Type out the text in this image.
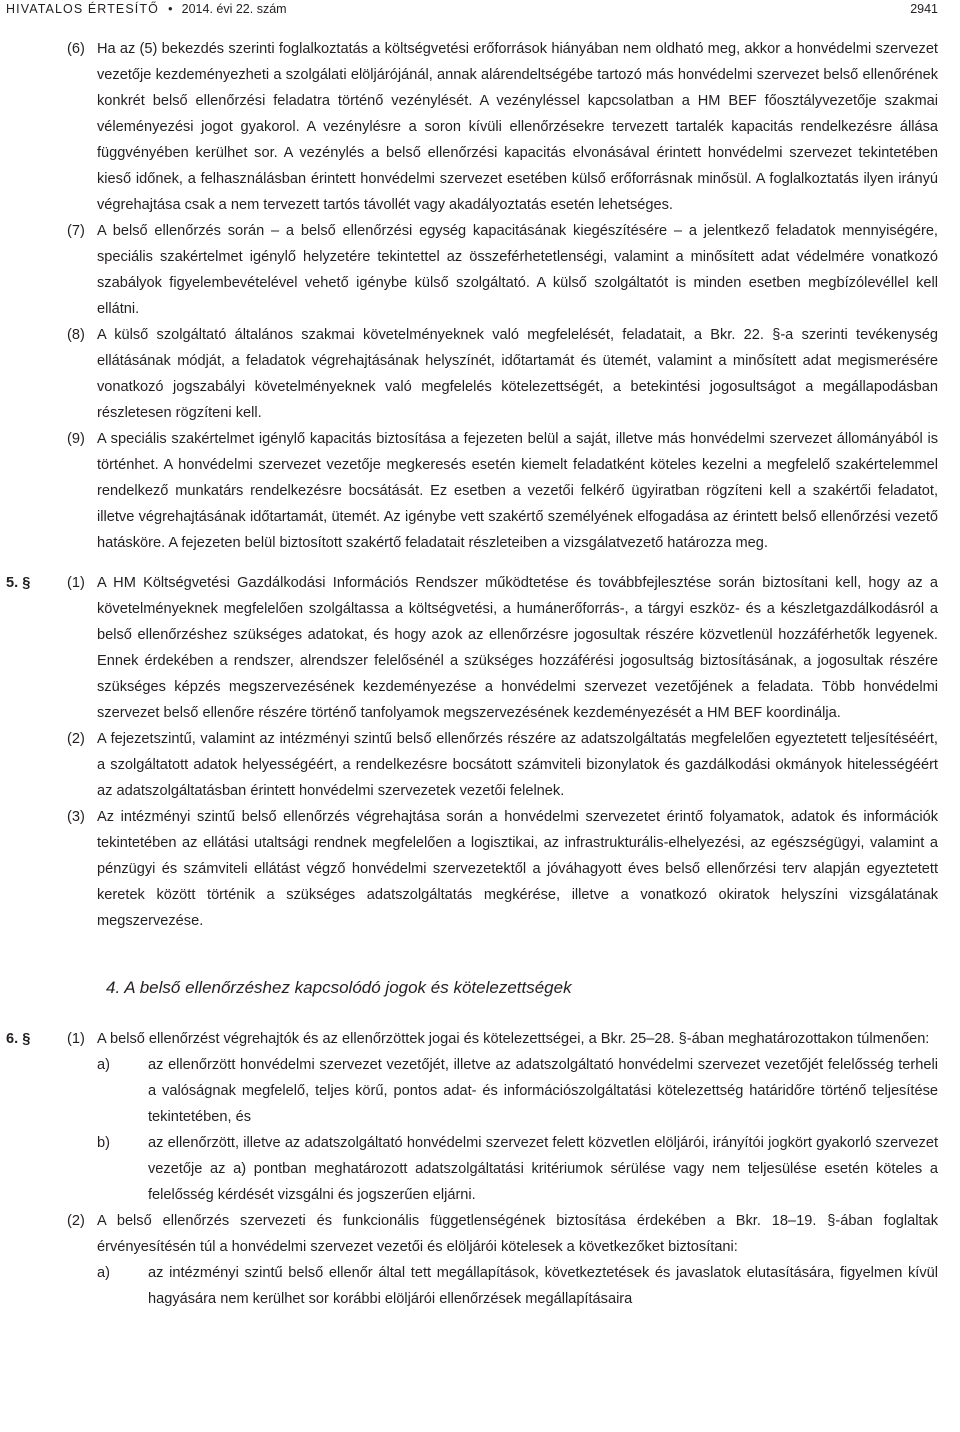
HIVATALOS ÉRTESÍTŐ • 2014. évi 22. szám	2941
(6) Ha az (5) bekezdés szerinti foglalkoztatás a költségvetési erőforrások hiányában nem oldható meg, akkor a honvédelmi szervezet vezetője kezdeményezheti a szolgálati elöljárójánál, annak alárendeltségébe tartozó más honvédelmi szervezet belső ellenőrének konkrét belső ellenőrzési feladatra történő vezénylését. A vezényléssel kapcsolatban a HM BEF főosztályvezetője szakmai véleményezési jogot gyakorol. A vezénylésre a soron kívüli ellenőrzésekre tervezett tartalék kapacitás rendelkezésre állása függvényében kerülhet sor. A vezénylés a belső ellenőrzési kapacitás elvonásával érintett honvédelmi szervezet tekintetében kieső időnek, a felhasználásban érintett honvédelmi szervezet esetében külső erőforrásnak minősül. A foglalkoztatás ilyen irányú végrehajtása csak a nem tervezett tartós távollét vagy akadályoztatás esetén lehetséges.
(7) A belső ellenőrzés során – a belső ellenőrzési egység kapacitásának kiegészítésére – a jelentkező feladatok mennyiségére, speciális szakértelmet igénylő helyzetére tekintettel az összeférhetetlenségi, valamint a minősített adat védelmére vonatkozó szabályok figyelembevételével vehető igénybe külső szolgáltató. A külső szolgáltatót is minden esetben megbízólevéllel kell ellátni.
(8) A külső szolgáltató általános szakmai követelményeknek való megfelelését, feladatait, a Bkr. 22. §-a szerinti tevékenység ellátásának módját, a feladatok végrehajtásának helyszínét, időtartamát és ütemét, valamint a minősített adat megismerésére vonatkozó jogszabályi követelményeknek való megfelelés kötelezettségét, a betekintési jogosultságot a megállapodásban részletesen rögzíteni kell.
(9) A speciális szakértelmet igénylő kapacitás biztosítása a fejezeten belül a saját, illetve más honvédelmi szervezet állományából is történhet. A honvédelmi szervezet vezetője megkeresés esetén kiemelt feladatként köteles kezelni a megfelelő szakértelemmel rendelkező munkatárs rendelkezésre bocsátását. Ez esetben a vezetői felkérő ügyiratban rögzíteni kell a szakértői feladatot, illetve végrehajtásának időtartamát, ütemét. Az igénybe vett szakértő személyének elfogadása az érintett belső ellenőrzési vezető hatásköre. A fejezeten belül biztosított szakértő feladatait részleteiben a vizsgálatvezető határozza meg.
5. §	(1) A HM Költségvetési Gazdálkodási Információs Rendszer működtetése és továbbfejlesztése során biztosítani kell, hogy az a követelményeknek megfelelően szolgáltassa a költségvetési, a humánerőforrás-, a tárgyi eszköz- és a készletgazdálkodásról a belső ellenőrzéshez szükséges adatokat, és hogy azok az ellenőrzésre jogosultak részére közvetlenül hozzáférhetők legyenek. Ennek érdekében a rendszer, alrendszer felelősénél a szükséges hozzáférési jogosultság biztosításának, a jogosultak részére szükséges képzés megszervezésének kezdeményezése a honvédelmi szervezet vezetőjének a feladata. Több honvédelmi szervezet belső ellenőre részére történő tanfolyamok megszervezésének kezdeményezését a HM BEF koordinálja.
(2) A fejezetszintű, valamint az intézményi szintű belső ellenőrzés részére az adatszolgáltatás megfelelően egyeztetett teljesítéséért, a szolgáltatott adatok helyességéért, a rendelkezésre bocsátott számviteli bizonylatok és gazdálkodási okmányok hitelességéért az adatszolgáltatásban érintett honvédelmi szervezetek vezetői felelnek.
(3) Az intézményi szintű belső ellenőrzés végrehajtása során a honvédelmi szervezetet érintő folyamatok, adatok és információk tekintetében az ellátási utaltsági rendnek megfelelően a logisztikai, az infrastrukturális-elhelyezési, az egészségügyi, valamint a pénzügyi és számviteli ellátást végző honvédelmi szervezetektől a jóváhagyott éves belső ellenőrzési terv alapján egyeztetett keretek között történik a szükséges adatszolgáltatás megkérése, illetve a vonatkozó okiratok helyszíni vizsgálatának megszervezése.
4. A belső ellenőrzéshez kapcsolódó jogok és kötelezettségek
6. §	(1) A belső ellenőrzést végrehajtók és az ellenőrzöttek jogai és kötelezettségei, a Bkr. 25–28. §-ában meghatározottakon túlmenően:
a)	az ellenőrzött honvédelmi szervezet vezetőjét, illetve az adatszolgáltató honvédelmi szervezet vezetőjét felelősség terheli a valóságnak megfelelő, teljes körű, pontos adat- és információszolgáltatási kötelezettség határidőre történő teljesítése tekintetében, és
b)	az ellenőrzött, illetve az adatszolgáltató honvédelmi szervezet felett közvetlen elöljárói, irányítói jogkört gyakorló szervezet vezetője az a) pontban meghatározott adatszolgáltatási kritériumok sérülése vagy nem teljesülése esetén köteles a felelősség kérdését vizsgálni és jogszerűen eljárni.
(2) A belső ellenőrzés szervezeti és funkcionális függetlenségének biztosítása érdekében a Bkr. 18–19. §-ában foglaltak érvényesítésén túl a honvédelmi szervezet vezetői és elöljárói kötelesek a következőket biztosítani:
a)	az intézményi szintű belső ellenőr által tett megállapítások, következtetések és javaslatok elutasítására, figyelmen kívül hagyására nem kerülhet sor korábbi elöljárói ellenőrzések megállapításaira
